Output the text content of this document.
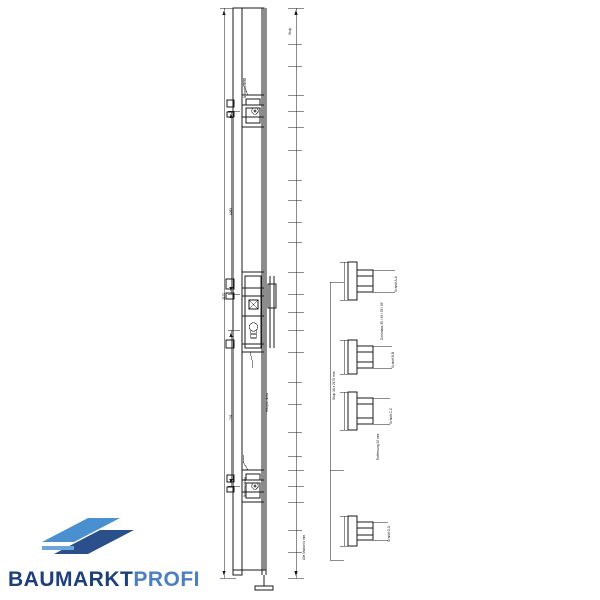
2170
1085
745
Nebenschloss
Hauptschloss
Nebenschloss
Stulp
Schnitt A-A
Schnitt B-B
Schnitt C-C
Schnitt D-D
Dornmass 35 / 45 / 55 / 65
Entfernung 92 mm
Stulp 16 x 2170 mm
Alle Masse in mm
BAUMARKTPROFI
